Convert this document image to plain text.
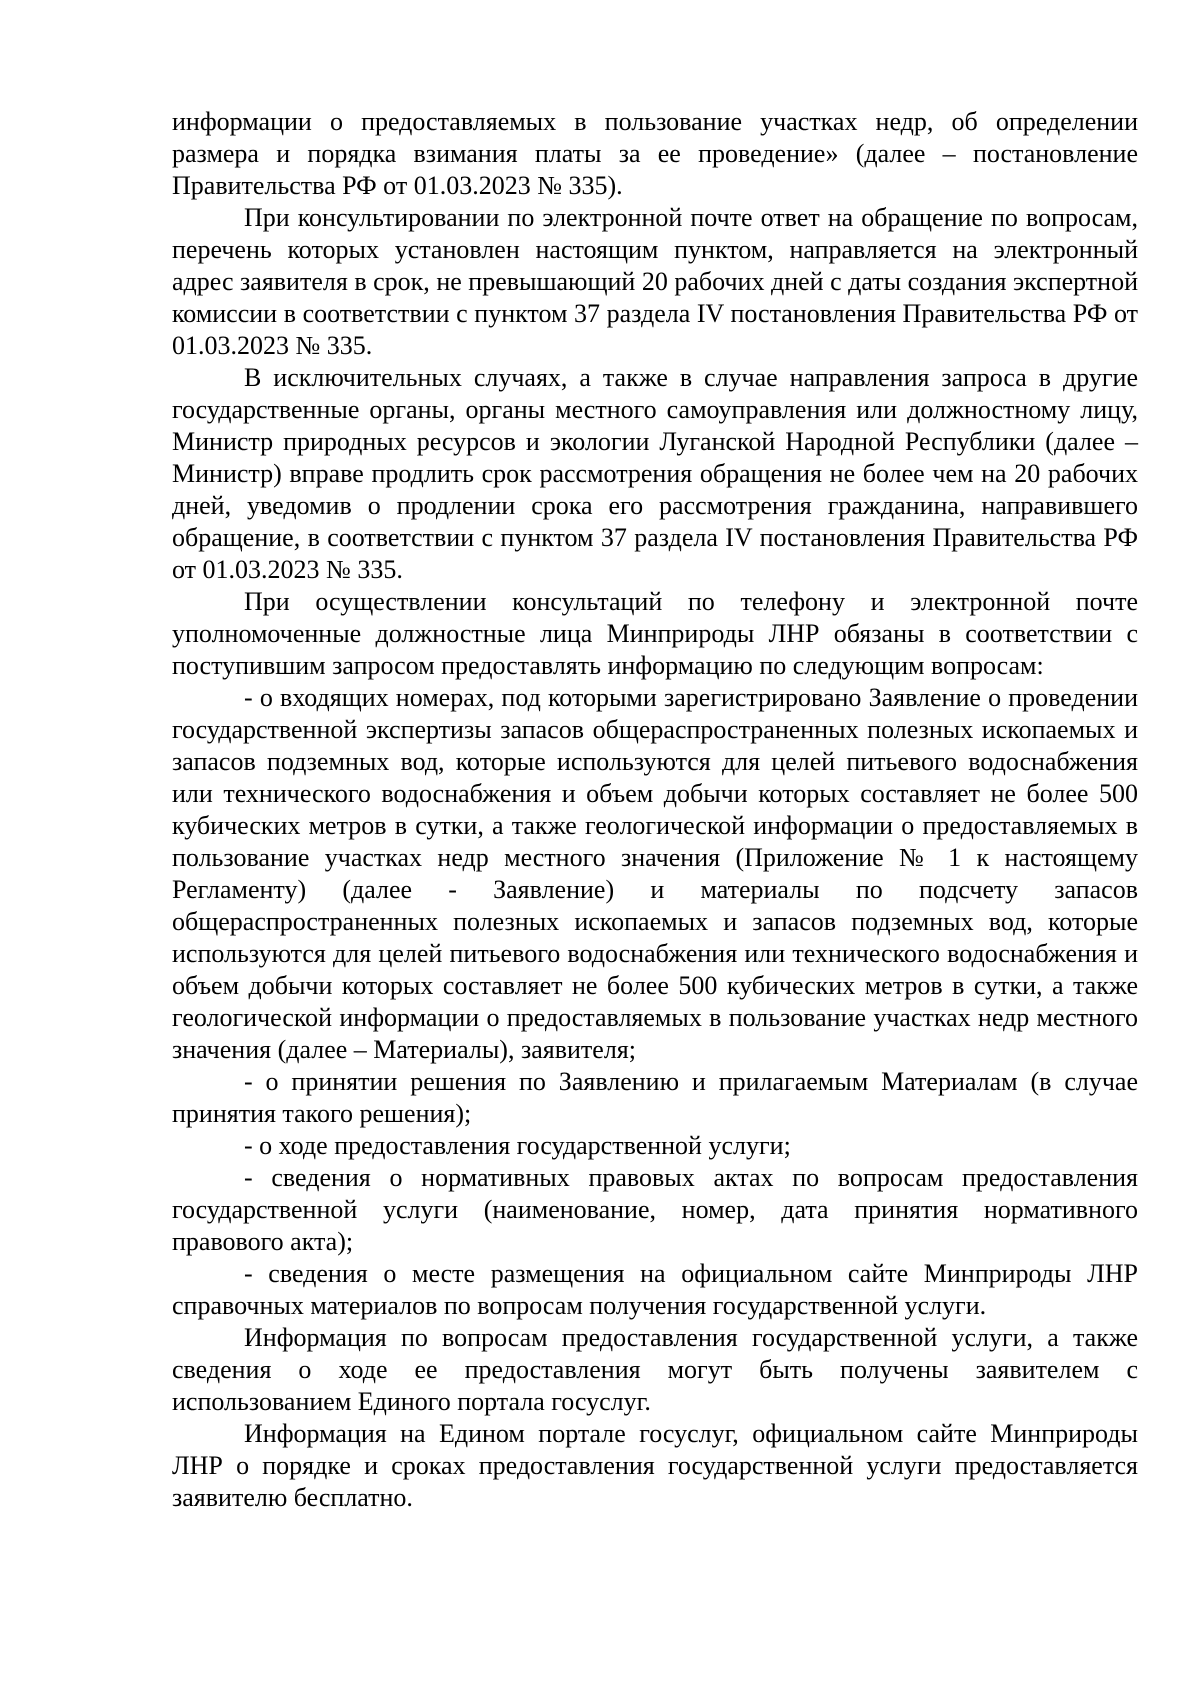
информации о предоставляемых в пользование участках недр, об определении размера и порядка взимания платы за ее проведение» (далее – постановление Правительства РФ от 01.03.2023 № 335).

При консультировании по электронной почте ответ на обращение по вопросам, перечень которых установлен настоящим пунктом, направляется на электронный адрес заявителя в срок, не превышающий 20 рабочих дней с даты создания экспертной комиссии в соответствии с пунктом 37 раздела IV постановления Правительства РФ от 01.03.2023 № 335.

В исключительных случаях, а также в случае направления запроса в другие государственные органы, органы местного самоуправления или должностному лицу, Министр природных ресурсов и экологии Луганской Народной Республики (далее – Министр) вправе продлить срок рассмотрения обращения не более чем на 20 рабочих дней, уведомив о продлении срока его рассмотрения гражданина, направившего обращение, в соответствии с пунктом 37 раздела IV постановления Правительства РФ от 01.03.2023 № 335.

При осуществлении консультаций по телефону и электронной почте уполномоченные должностные лица Минприроды ЛНР обязаны в соответствии с поступившим запросом предоставлять информацию по следующим вопросам:

- о входящих номерах, под которыми зарегистрировано Заявление о проведении государственной экспертизы запасов общераспространенных полезных ископаемых и запасов подземных вод, которые используются для целей питьевого водоснабжения или технического водоснабжения и объем добычи которых составляет не более 500 кубических метров в сутки, а также геологической информации о предоставляемых в пользование участках недр местного значения (Приложение № 1 к настоящему Регламенту) (далее - Заявление) и материалы по подсчету запасов общераспространенных полезных ископаемых и запасов подземных вод, которые используются для целей питьевого водоснабжения или технического водоснабжения и объем добычи которых составляет не более 500 кубических метров в сутки, а также геологической информации о предоставляемых в пользование участках недр местного значения (далее – Материалы), заявителя;

- о принятии решения по Заявлению и прилагаемым Материалам (в случае принятия такого решения);

- о ходе предоставления государственной услуги;

- сведения о нормативных правовых актах по вопросам предоставления государственной услуги (наименование, номер, дата принятия нормативного правового акта);

- сведения о месте размещения на официальном сайте Минприроды ЛНР справочных материалов по вопросам получения государственной услуги.

Информация по вопросам предоставления государственной услуги, а также сведения о ходе ее предоставления могут быть получены заявителем с использованием Единого портала госуслуг.

Информация на Едином портале госуслуг, официальном сайте Минприроды ЛНР о порядке и сроках предоставления государственной услуги предоставляется заявителю бесплатно.
